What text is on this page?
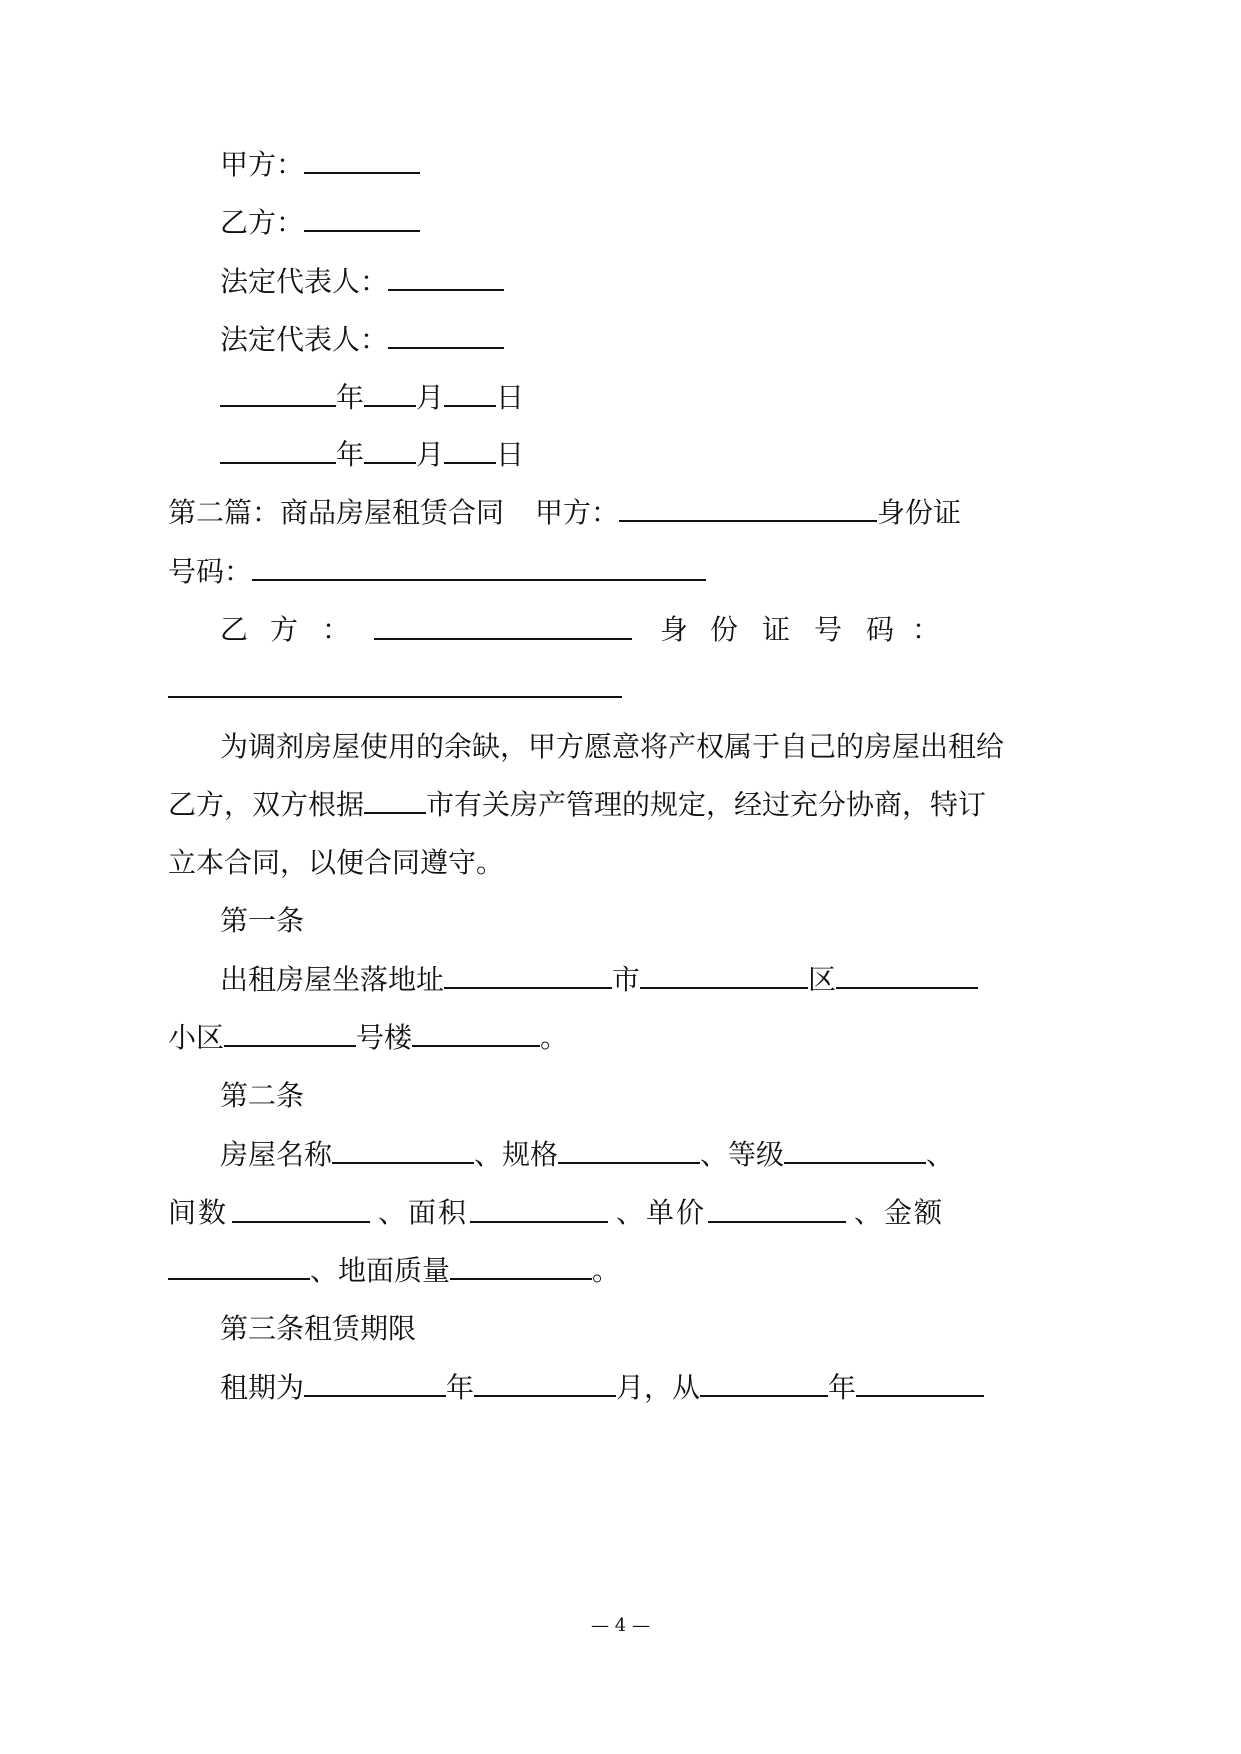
甲方：
乙方：
法定代表人：
法定代表人：
年 月 日
年 月 日
第二篇：商品房屋租赁合同 甲方：	身份证
号码：
乙 方 ：	身 份 证 号 码 ：
为调剂房屋使用的余缺，甲方愿意将产权属于自己的房屋出租给
乙方，双方根据 市有关房产管理的规定，经过充分协商，特订
立本合同，以便合同遵守。
第一条
出租房屋坐落地址	市	区
小区	号楼	。
第二条
房屋名称	、规格	、等级	、
间 数	、 面 积	、 单 价	、 金 额
、地面质量	。
第三条租赁期限
租期为	年	月，从	年
— 4 —
